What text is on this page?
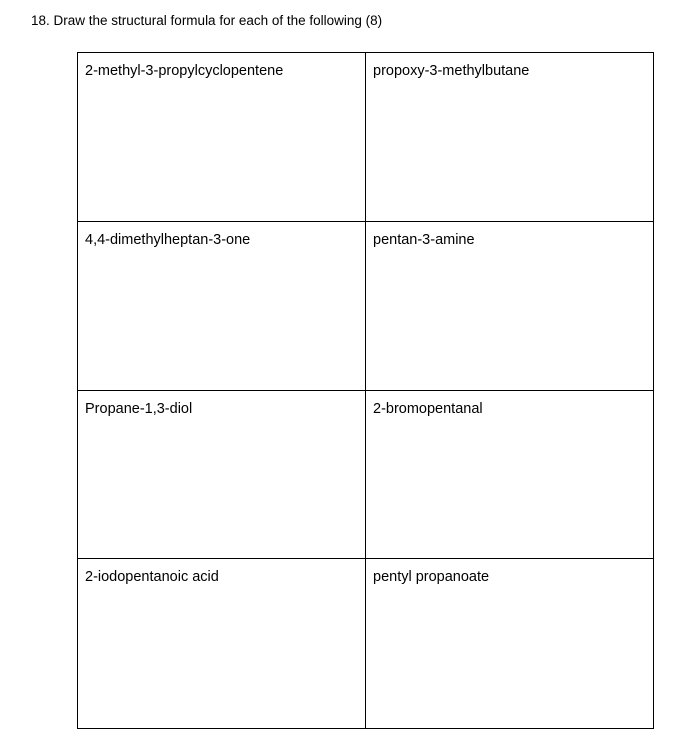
18. Draw the structural formula for each of the following (8)
2-methyl-3-propylcyclopentene	propoxy-3-methylbutane
4,4-dimethylheptan-3-one	pentan-3-amine
Propane-1,3-diol	2-bromopentanal
2-iodopentanoic acid	pentyl propanoate
